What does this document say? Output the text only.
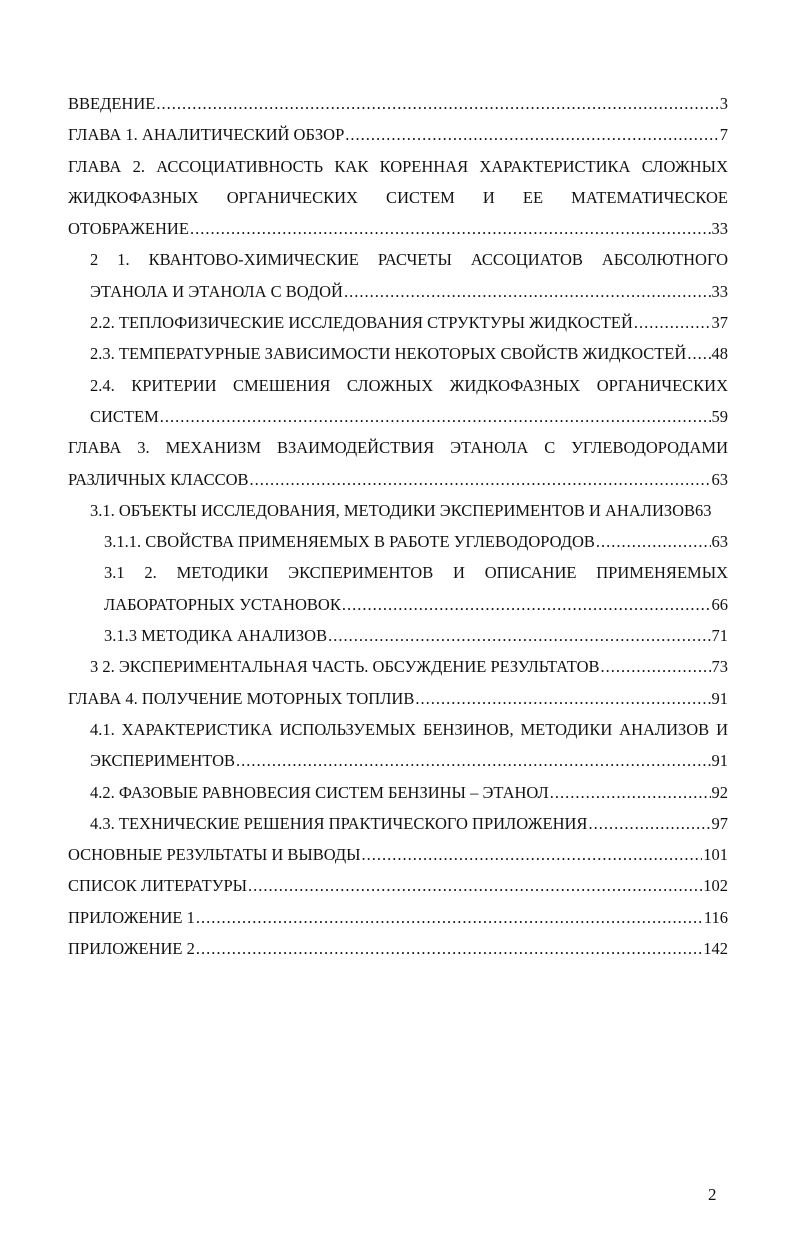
ВВЕДЕНИЕ .....	3
ГЛАВА 1. АНАЛИТИЧЕСКИЙ ОБЗОР .....	7
ГЛАВА 2. АССОЦИАТИВНОСТЬ КАК КОРЕННАЯ ХАРАКТЕРИСТИКА СЛОЖНЫХ
ЖИДКОФАЗНЫХ ОРГАНИЧЕСКИХ СИСТЕМ И ЕЕ МАТЕМАТИЧЕСКОЕ
ОТОБРАЖЕНИЕ .....	33
2 1. КВАНТОВО-ХИМИЧЕСКИЕ РАСЧЕТЫ АССОЦИАТОВ АБСОЛЮТНОГО
ЭТАНОЛА И ЭТАНОЛА С ВОДОЙ .....	33
2.2. ТЕПЛОФИЗИЧЕСКИЕ ИССЛЕДОВАНИЯ СТРУКТУРЫ ЖИДКОСТЕЙ .....	37
2.3. ТЕМПЕРАТУРНЫЕ ЗАВИСИМОСТИ НЕКОТОРЫХ СВОЙСТВ ЖИДКОСТЕЙ ..... 48
2.4. КРИТЕРИИ СМЕШЕНИЯ СЛОЖНЫХ ЖИДКОФАЗНЫХ ОРГАНИЧЕСКИХ
СИСТЕМ .....	59
ГЛАВА 3. МЕХАНИЗМ ВЗАИМОДЕЙСТВИЯ ЭТАНОЛА С УГЛЕВОДОРОДАМИ
РАЗЛИЧНЫХ КЛАССОВ .....	63
3.1. ОБЪЕКТЫ ИССЛЕДОВАНИЯ, МЕТОДИКИ ЭКСПЕРИМЕНТОВ И АНАЛИЗОВ 63
3.1.1. СВОЙСТВА ПРИМЕНЯЕМЫХ В РАБОТЕ УГЛЕВОДОРОДОВ .....	63
3.1 2. МЕТОДИКИ ЭКСПЕРИМЕНТОВ И ОПИСАНИЕ ПРИМЕНЯЕМЫХ
ЛАБОРАТОРНЫХ УСТАНОВОК .....	66
3.1.3 МЕТОДИКА АНАЛИЗОВ .....	71
3 2. ЭКСПЕРИМЕНТАЛЬНАЯ ЧАСТЬ. ОБСУЖДЕНИЕ РЕЗУЛЬТАТОВ .....	73
ГЛАВА 4. ПОЛУЧЕНИЕ МОТОРНЫХ ТОПЛИВ .....	91
4.1. ХАРАКТЕРИСТИКА ИСПОЛЬЗУЕМЫХ БЕНЗИНОВ, МЕТОДИКИ АНАЛИЗОВ И
ЭКСПЕРИМЕНТОВ .....	91
4.2. ФАЗОВЫЕ РАВНОВЕСИЯ СИСТЕМ БЕНЗИНЫ – ЭТАНОЛ .....	92
4.3. ТЕХНИЧЕСКИЕ РЕШЕНИЯ ПРАКТИЧЕСКОГО ПРИЛОЖЕНИЯ .....	97
ОСНОВНЫЕ РЕЗУЛЬТАТЫ И ВЫВОДЫ .....	101
СПИСОК ЛИТЕРАТУРЫ .....	102
ПРИЛОЖЕНИЕ 1 .....	116
ПРИЛОЖЕНИЕ 2 .....	142
2
